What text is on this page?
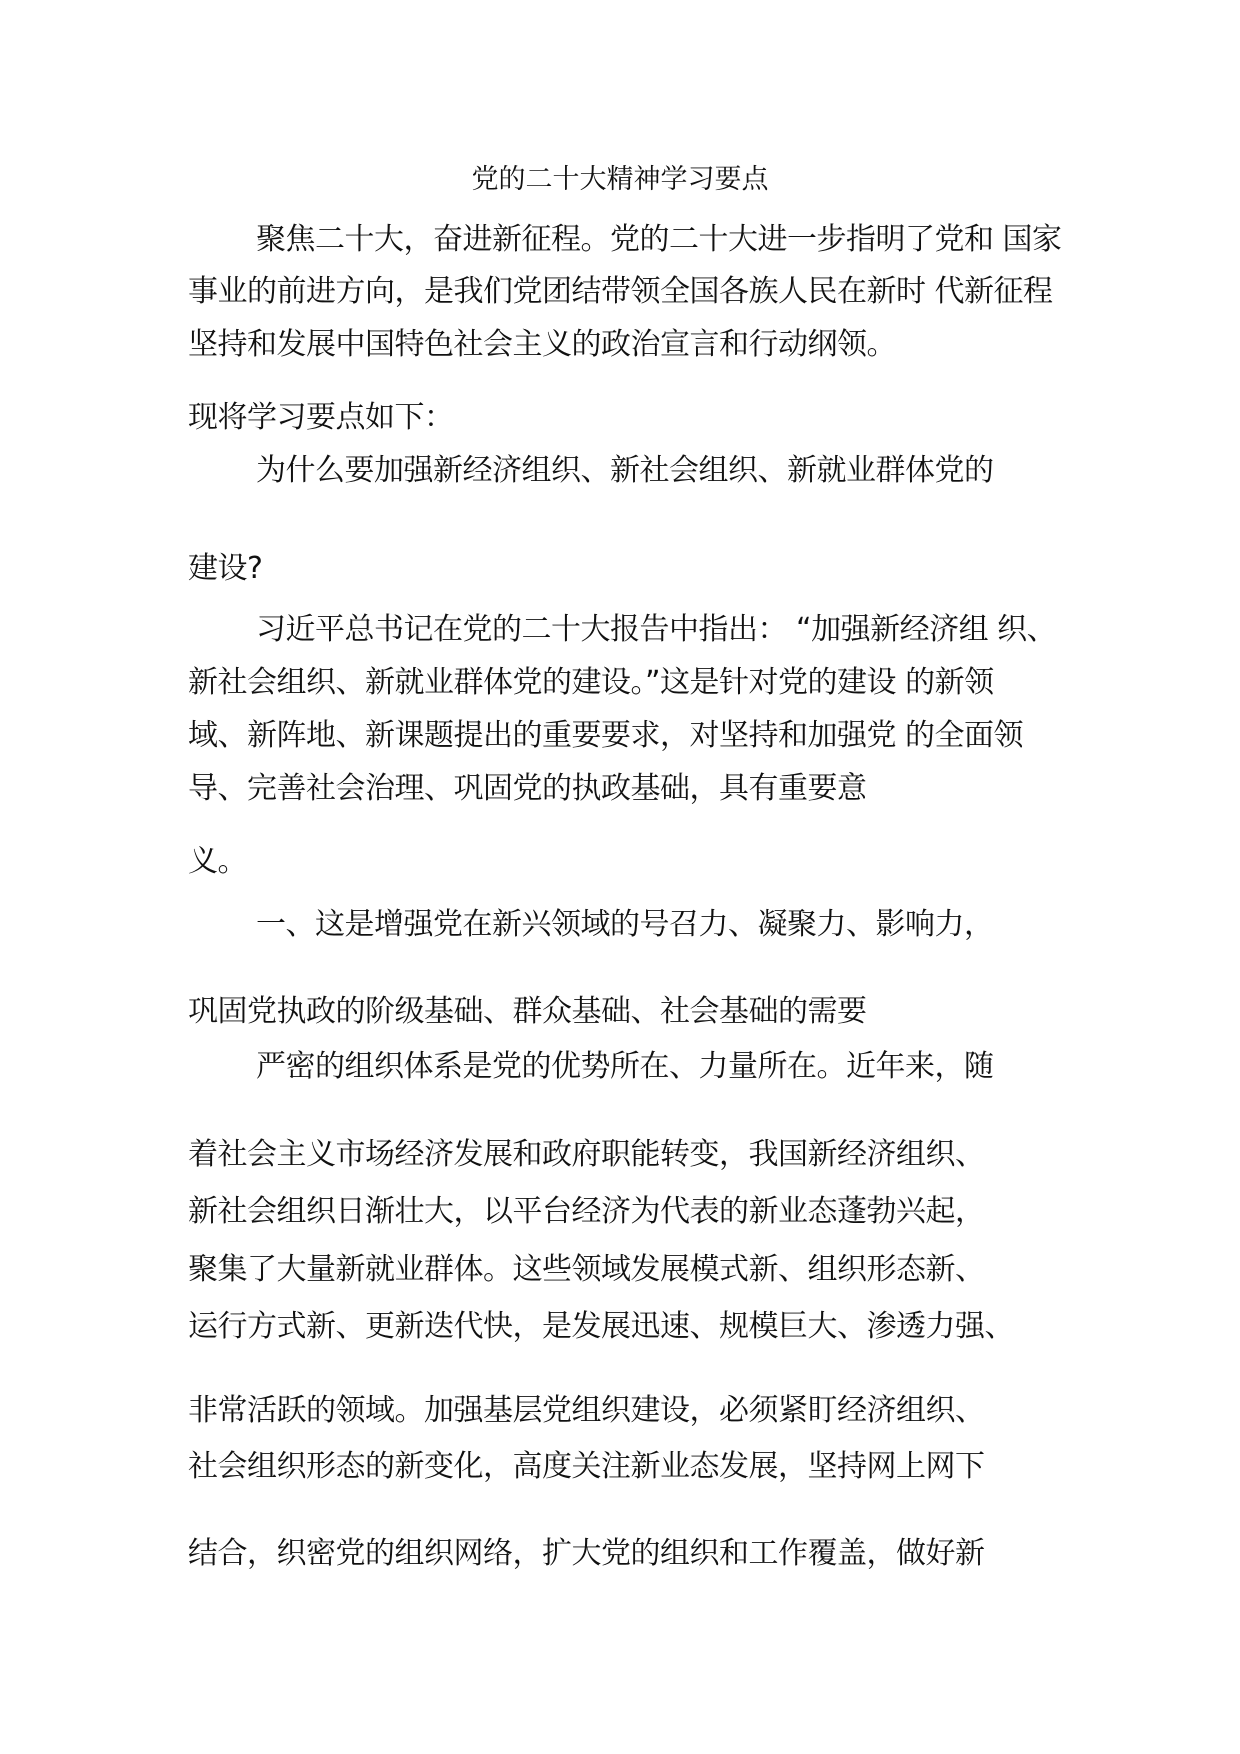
党的二十大精神学习要点
聚焦二十大，奋进新征程。党的二十大进一步指明了党和 国家
事业的前进方向，是我们党团结带领全国各族人民在新时 代新征程
坚持和发展中国特色社会主义的政治宣言和行动纲领。
现将学习要点如下：
为什么要加强新经济组织、新社会组织、新就业群体党的
建设?
习近平总书记在党的二十大报告中指出： “加强新经济组 织、
新社会组织、新就业群体党的建设。”这是针对党的建设 的新领
域、新阵地、新课题提出的重要要求，对坚持和加强党 的全面领
导、完善社会治理、巩固党的执政基础，具有重要意
义。
一、这是增强党在新兴领域的号召力、凝聚力、影响力，
巩固党执政的阶级基础、群众基础、社会基础的需要
严密的组织体系是党的优势所在、力量所在。近年来，随
着社会主义市场经济发展和政府职能转变，我国新经济组织、
新社会组织日渐壮大，以平台经济为代表的新业态蓬勃兴起，
聚集了大量新就业群体。这些领域发展模式新、组织形态新、
运行方式新、更新迭代快，是发展迅速、规模巨大、渗透力强、
非常活跃的领域。加强基层党组织建设，必须紧盯经济组织、
社会组织形态的新变化，高度关注新业态发展，坚持网上网下
结合，织密党的组织网络，扩大党的组织和工作覆盖，做好新
